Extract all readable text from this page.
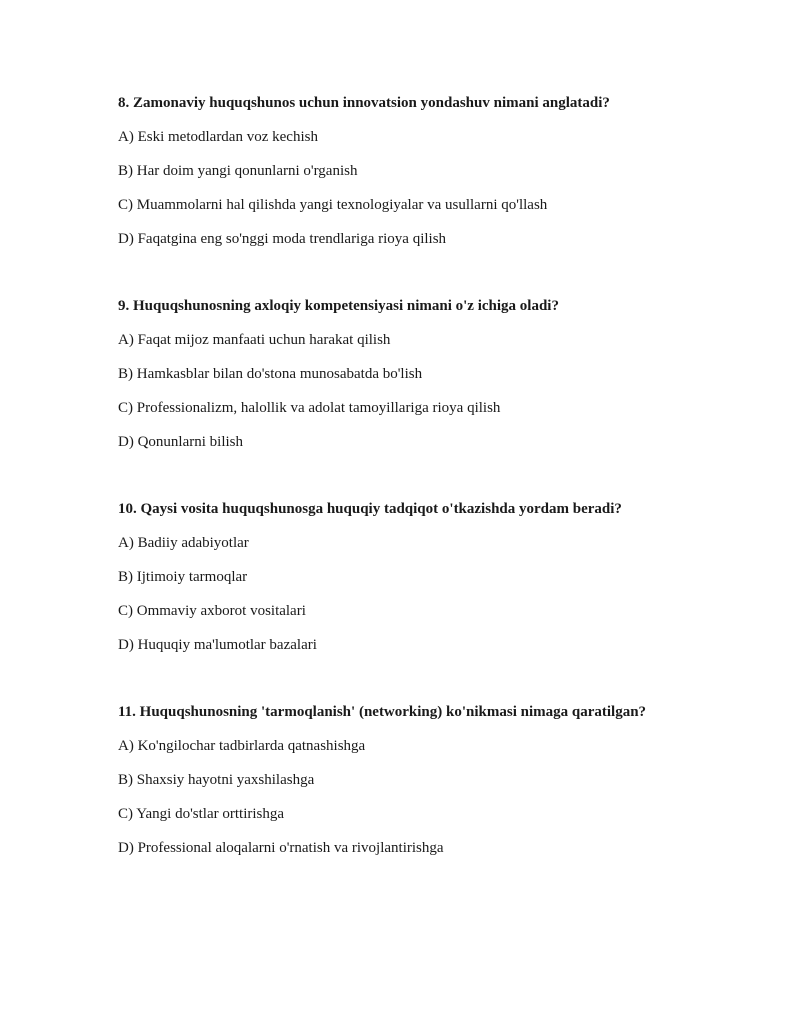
8. Zamonaviy huquqshunos uchun innovatsion yondashuv nimani anglatadi?

A) Eski metodlardan voz kechish

B) Har doim yangi qonunlarni o'rganish

C) Muammolarni hal qilishda yangi texnologiyalar va usullarni qo'llash

D) Faqatgina eng so'nggi moda trendlariga rioya qilish

9. Huquqshunosning axloqiy kompetensiyasi nimani o'z ichiga oladi?

A) Faqat mijoz manfaati uchun harakat qilish

B) Hamkasblar bilan do'stona munosabatda bo'lish

C) Professionalizm, halollik va adolat tamoyillariga rioya qilish

D) Qonunlarni bilish

10. Qaysi vosita huquqshunosga huquqiy tadqiqot o'tkazishda yordam beradi?

A) Badiiy adabiyotlar

B) Ijtimoiy tarmoqlar

C) Ommaviy axborot vositalari

D) Huquqiy ma'lumotlar bazalari

11. Huquqshunosning 'tarmoqlanish' (networking) ko'nikmasi nimaga qaratilgan?

A) Ko'ngilochar tadbirlarda qatnashishga

B) Shaxsiy hayotni yaxshilashga

C) Yangi do'stlar orttirishga

D) Professional aloqalarni o'rnatish va rivojlantirishga
